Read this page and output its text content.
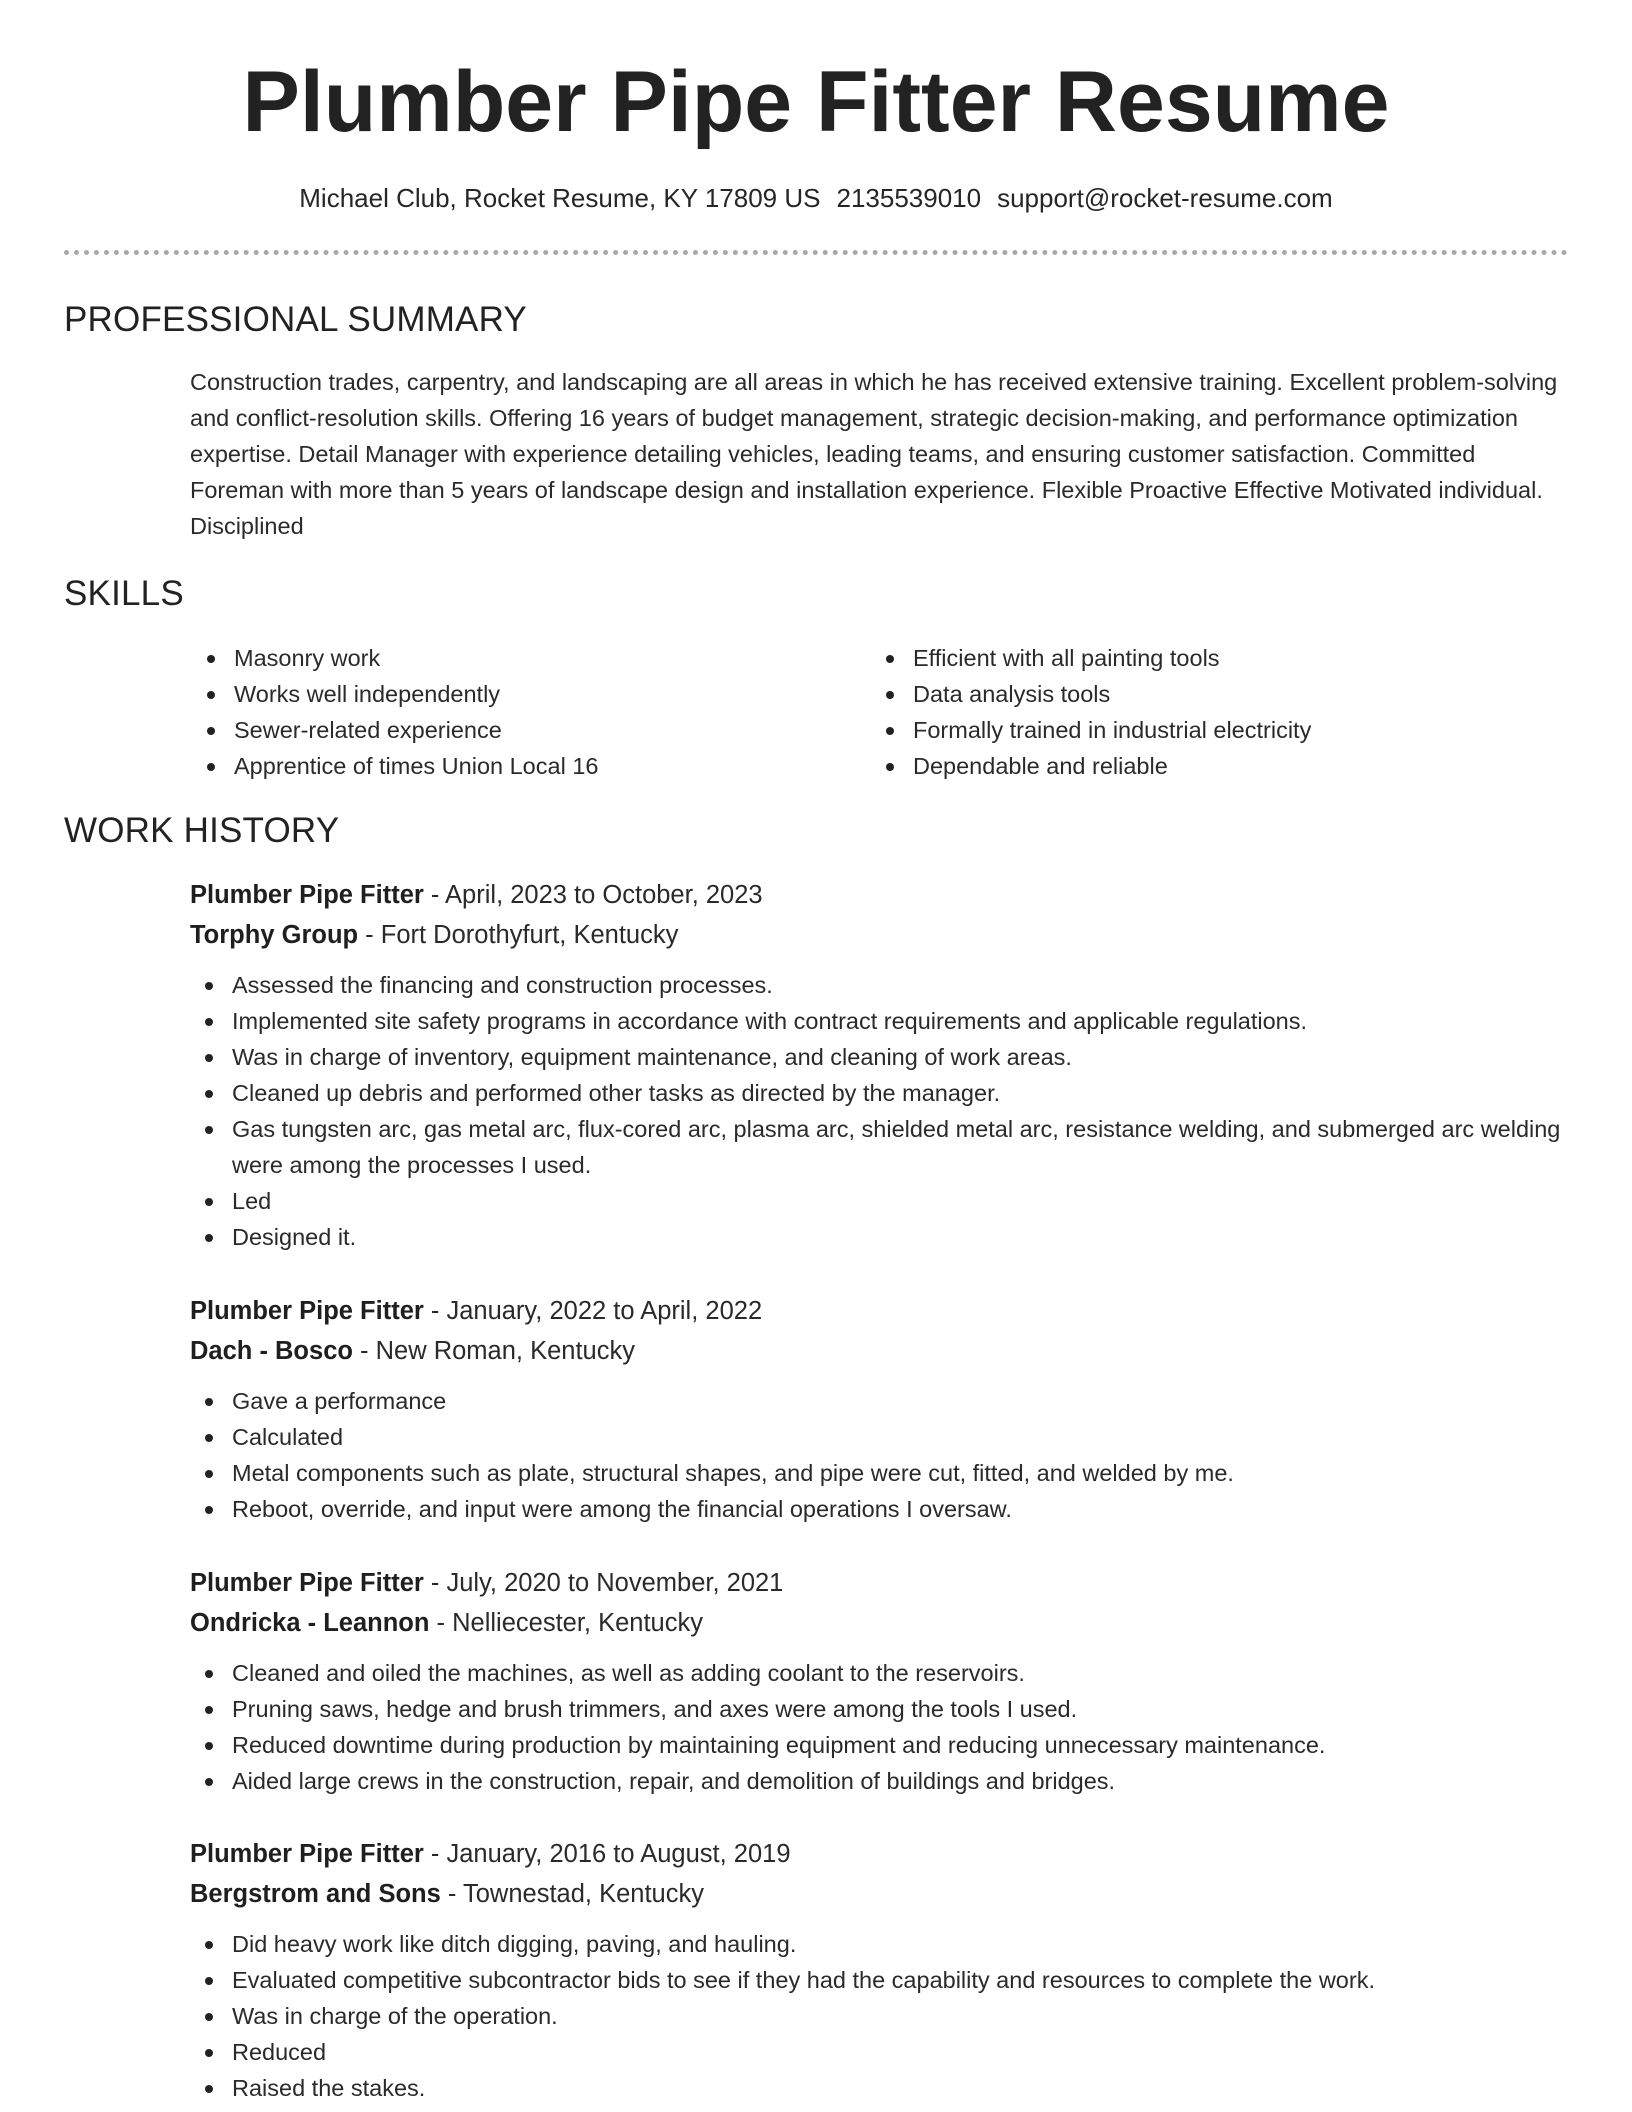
Plumber Pipe Fitter Resume
Michael Club, Rocket Resume, KY 17809 US 2135539010 support@rocket-resume.com
PROFESSIONAL SUMMARY

Construction trades, carpentry, and landscaping are all areas in which he has received extensive training. Excellent problem-solving and conflict-resolution skills. Offering 16 years of budget management, strategic decision-making, and performance optimization expertise. Detail Manager with experience detailing vehicles, leading teams, and ensuring customer satisfaction. Committed Foreman with more than 5 years of landscape design and installation experience. Flexible Proactive Effective Motivated individual. Disciplined

SKILLS
Masonry work
Works well independently
Sewer-related experience
Apprentice of times Union Local 16
Efficient with all painting tools
Data analysis tools
Formally trained in industrial electricity
Dependable and reliable
WORK HISTORY
Plumber Pipe Fitter - April, 2023 to October, 2023
Torphy Group - Fort Dorothyfurt, Kentucky
Assessed the financing and construction processes.
Implemented site safety programs in accordance with contract requirements and applicable regulations.
Was in charge of inventory, equipment maintenance, and cleaning of work areas.
Cleaned up debris and performed other tasks as directed by the manager.
Gas tungsten arc, gas metal arc, flux-cored arc, plasma arc, shielded metal arc, resistance welding, and submerged arc welding were among the processes I used.
Led
Designed it.
Plumber Pipe Fitter - January, 2022 to April, 2022
Dach - Bosco - New Roman, Kentucky
Gave a performance
Calculated
Metal components such as plate, structural shapes, and pipe were cut, fitted, and welded by me.
Reboot, override, and input were among the financial operations I oversaw.
Plumber Pipe Fitter - July, 2020 to November, 2021
Ondricka - Leannon - Nelliecester, Kentucky
Cleaned and oiled the machines, as well as adding coolant to the reservoirs.
Pruning saws, hedge and brush trimmers, and axes were among the tools I used.
Reduced downtime during production by maintaining equipment and reducing unnecessary maintenance.
Aided large crews in the construction, repair, and demolition of buildings and bridges.
Plumber Pipe Fitter - January, 2016 to August, 2019
Bergstrom and Sons - Townestad, Kentucky
Did heavy work like ditch digging, paving, and hauling.
Evaluated competitive subcontractor bids to see if they had the capability and resources to complete the work.
Was in charge of the operation.
Reduced
Raised the stakes.
